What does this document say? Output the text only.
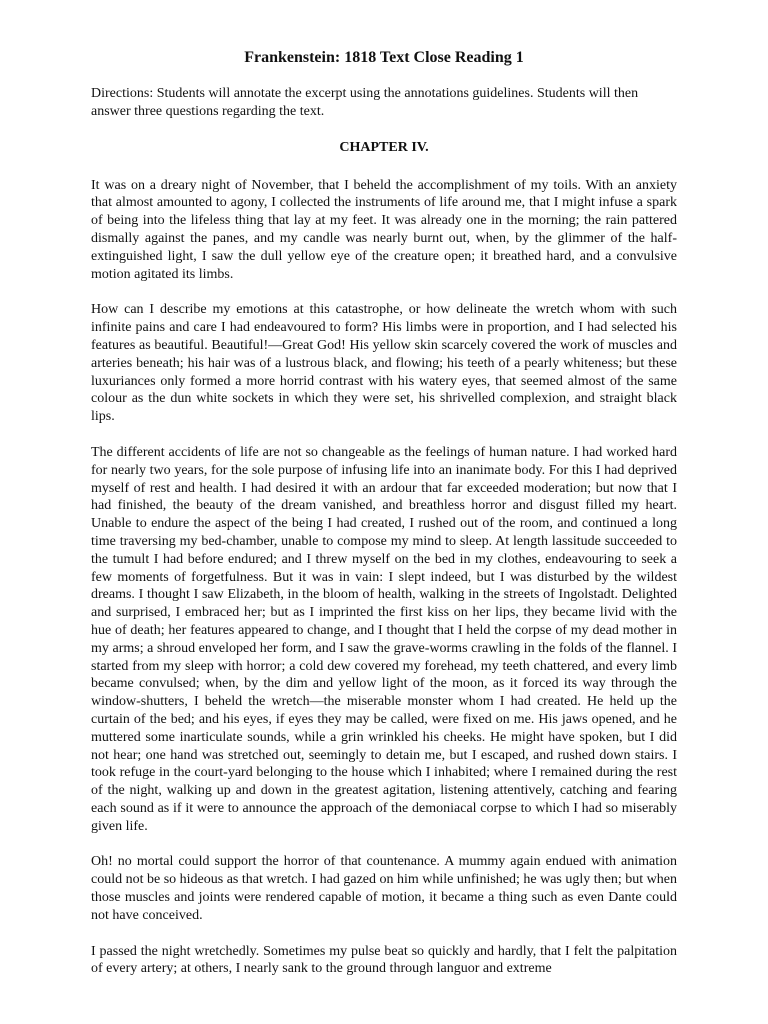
Frankenstein: 1818 Text Close Reading 1
Directions: Students will annotate the excerpt using the annotations guidelines. Students will then answer three questions regarding the text.
CHAPTER IV.

It was on a dreary night of November, that I beheld the accomplishment of my toils. With an anxiety that almost amounted to agony, I collected the instruments of life around me, that I might infuse a spark of being into the lifeless thing that lay at my feet. It was already one in the morning; the rain pattered dismally against the panes, and my candle was nearly burnt out, when, by the glimmer of the half-extinguished light, I saw the dull yellow eye of the creature open; it breathed hard, and a convulsive motion agitated its limbs.

How can I describe my emotions at this catastrophe, or how delineate the wretch whom with such infinite pains and care I had endeavoured to form? His limbs were in proportion, and I had selected his features as beautiful. Beautiful!—Great God! His yellow skin scarcely covered the work of muscles and arteries beneath; his hair was of a lustrous black, and flowing; his teeth of a pearly whiteness; but these luxuriances only formed a more horrid contrast with his watery eyes, that seemed almost of the same colour as the dun white sockets in which they were set, his shrivelled complexion, and straight black lips.

The different accidents of life are not so changeable as the feelings of human nature. I had worked hard for nearly two years, for the sole purpose of infusing life into an inanimate body. For this I had deprived myself of rest and health. I had desired it with an ardour that far exceeded moderation; but now that I had finished, the beauty of the dream vanished, and breathless horror and disgust filled my heart. Unable to endure the aspect of the being I had created, I rushed out of the room, and continued a long time traversing my bed-chamber, unable to compose my mind to sleep. At length lassitude succeeded to the tumult I had before endured; and I threw myself on the bed in my clothes, endeavouring to seek a few moments of forgetfulness. But it was in vain: I slept indeed, but I was disturbed by the wildest dreams. I thought I saw Elizabeth, in the bloom of health, walking in the streets of Ingolstadt. Delighted and surprised, I embraced her; but as I imprinted the first kiss on her lips, they became livid with the hue of death; her features appeared to change, and I thought that I held the corpse of my dead mother in my arms; a shroud enveloped her form, and I saw the grave-worms crawling in the folds of the flannel. I started from my sleep with horror; a cold dew covered my forehead, my teeth chattered, and every limb became convulsed; when, by the dim and yellow light of the moon, as it forced its way through the window-shutters, I beheld the wretch—the miserable monster whom I had created. He held up the curtain of the bed; and his eyes, if eyes they may be called, were fixed on me. His jaws opened, and he muttered some inarticulate sounds, while a grin wrinkled his cheeks. He might have spoken, but I did not hear; one hand was stretched out, seemingly to detain me, but I escaped, and rushed down stairs. I took refuge in the court-yard belonging to the house which I inhabited; where I remained during the rest of the night, walking up and down in the greatest agitation, listening attentively, catching and fearing each sound as if it were to announce the approach of the demoniacal corpse to which I had so miserably given life.

Oh! no mortal could support the horror of that countenance. A mummy again endued with animation could not be so hideous as that wretch. I had gazed on him while unfinished; he was ugly then; but when those muscles and joints were rendered capable of motion, it became a thing such as even Dante could not have conceived.

I passed the night wretchedly. Sometimes my pulse beat so quickly and hardly, that I felt the palpitation of every artery; at others, I nearly sank to the ground through languor and extreme
